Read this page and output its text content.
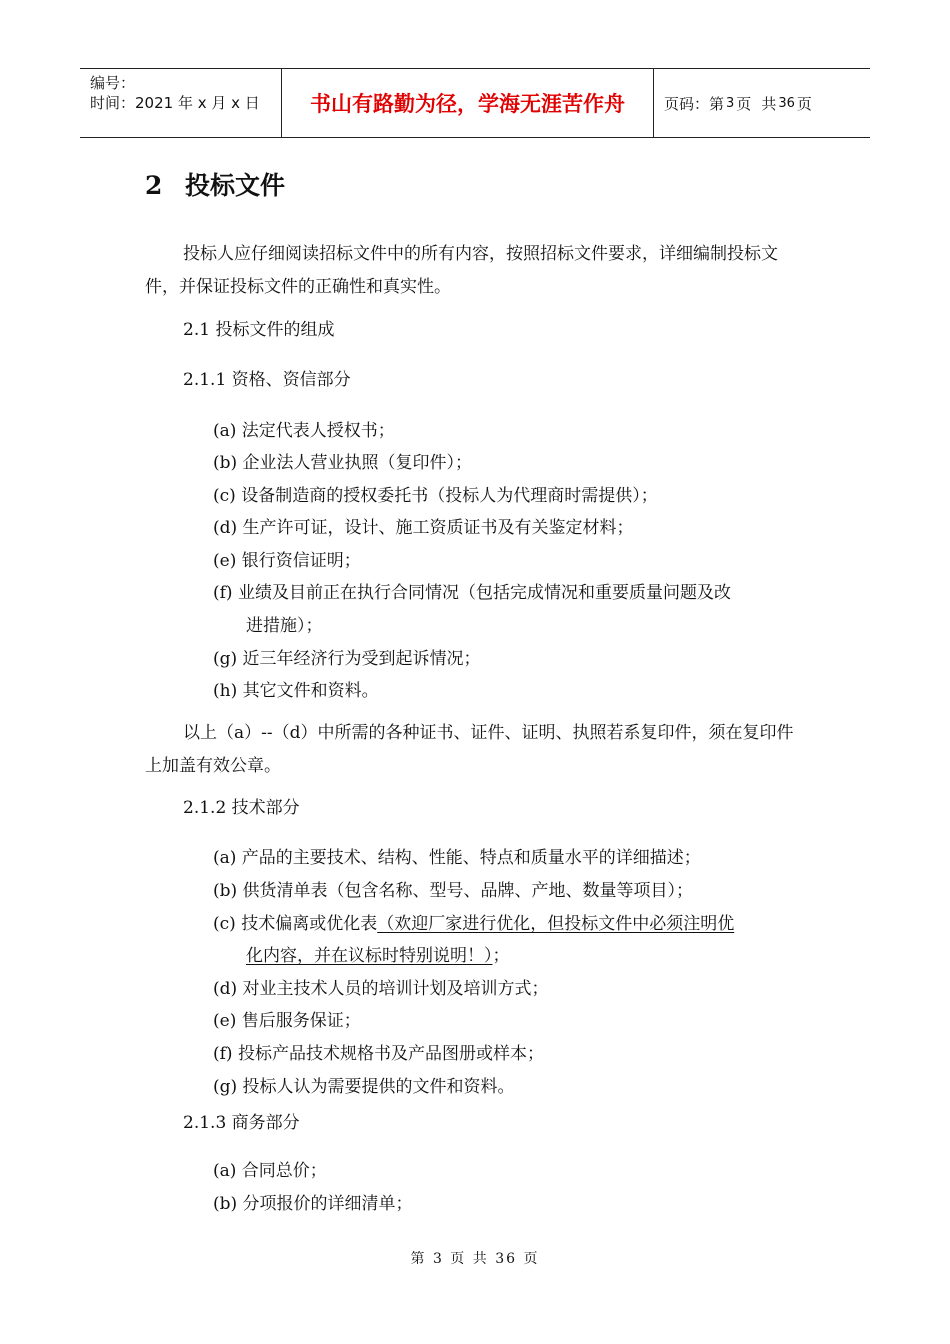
编号：
时间：2021 年 x 月 x 日	书山有路勤为径，学海无涯苦作舟	页码：第 3 页 共 36 页
2 投标文件

投标人应仔细阅读招标文件中的所有内容，按照招标文件要求，详细编制投标文件，并保证投标文件的正确性和真实性。

2.1 投标文件的组成
2.1.1 资格、资信部分
(a) 法定代表人授权书；
(b) 企业法人营业执照（复印件）；
(c) 设备制造商的授权委托书（投标人为代理商时需提供）；
(d) 生产许可证，设计、施工资质证书及有关鉴定材料；
(e) 银行资信证明；
(f) 业绩及目前正在执行合同情况（包括完成情况和重要质量问题及改
进措施）；
(g) 近三年经济行为受到起诉情况；
(h) 其它文件和资料。

以上（a）--（d）中所需的各种证书、证件、证明、执照若系复印件，须在复印件上加盖有效公章。

2.1.2 技术部分
(a) 产品的主要技术、结构、性能、特点和质量水平的详细描述；
(b) 供货清单表（包含名称、型号、品牌、产地、数量等项目）；
(c) 技术偏离或优化表（欢迎厂家进行优化，但投标文件中必须注明优
化内容，并在议标时特别说明！）；
(d) 对业主技术人员的培训计划及培训方式；
(e) 售后服务保证；
(f) 投标产品技术规格书及产品图册或样本；
(g) 投标人认为需要提供的文件和资料。
2.1.3 商务部分
(a) 合同总价；
(b) 分项报价的详细清单；
第 3 页 共 36 页
